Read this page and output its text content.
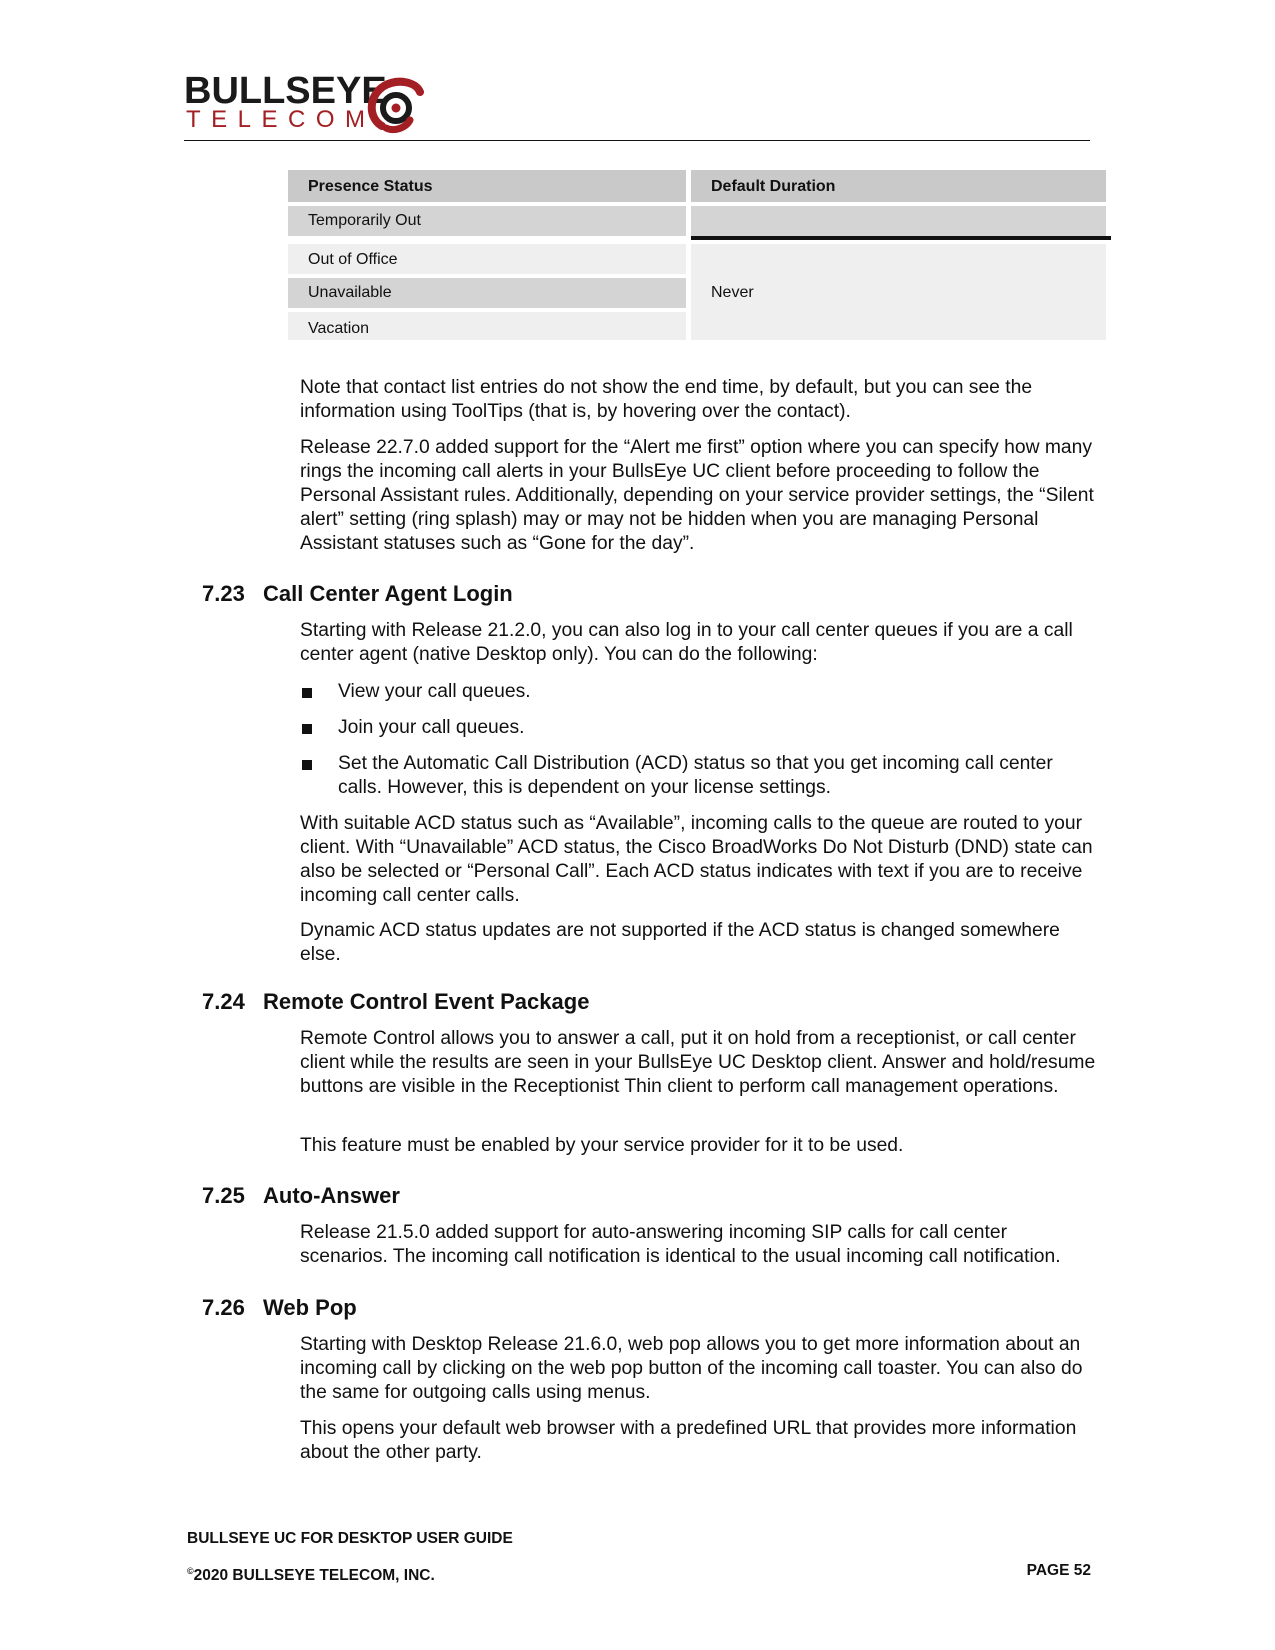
BULLSEYE
TELECOM
Presence Status	Default Duration
Temporarily Out
Out of Office
Unavailable
Vacation
Never

Note that contact list entries do not show the end time, by default, but you can see the information using ToolTips (that is, by hovering over the contact).

Release 22.7.0 added support for the “Alert me first” option where you can specify how many rings the incoming call alerts in your BullsEye UC client before proceeding to follow the Personal Assistant rules. Additionally, depending on your service provider settings, the “Silent alert” setting (ring splash) may or may not be hidden when you are managing Personal Assistant statuses such as “Gone for the day”.

7.23 Call Center Agent Login

Starting with Release 21.2.0, you can also log in to your call center queues if you are a call center agent (native Desktop only). You can do the following:

View your call queues.
Join your call queues.
Set the Automatic Call Distribution (ACD) status so that you get incoming call center calls. However, this is dependent on your license settings.

With suitable ACD status such as “Available”, incoming calls to the queue are routed to your client. With “Unavailable” ACD status, the Cisco BroadWorks Do Not Disturb (DND) state can also be selected or “Personal Call”. Each ACD status indicates with text if you are to receive incoming call center calls.

Dynamic ACD status updates are not supported if the ACD status is changed somewhere else.

7.24 Remote Control Event Package

Remote Control allows you to answer a call, put it on hold from a receptionist, or call center client while the results are seen in your BullsEye UC Desktop client. Answer and hold/resume buttons are visible in the Receptionist Thin client to perform call management operations.

This feature must be enabled by your service provider for it to be used.

7.25 Auto-Answer

Release 21.5.0 added support for auto-answering incoming SIP calls for call center scenarios. The incoming call notification is identical to the usual incoming call notification.

7.26 Web Pop

Starting with Desktop Release 21.6.0, web pop allows you to get more information about an incoming call by clicking on the web pop button of the incoming call toaster. You can also do the same for outgoing calls using menus.

This opens your default web browser with a predefined URL that provides more information about the other party.

BULLSEYE UC FOR DESKTOP USER GUIDE
©2020 BULLSEYE TELECOM, INC.	PAGE 52
